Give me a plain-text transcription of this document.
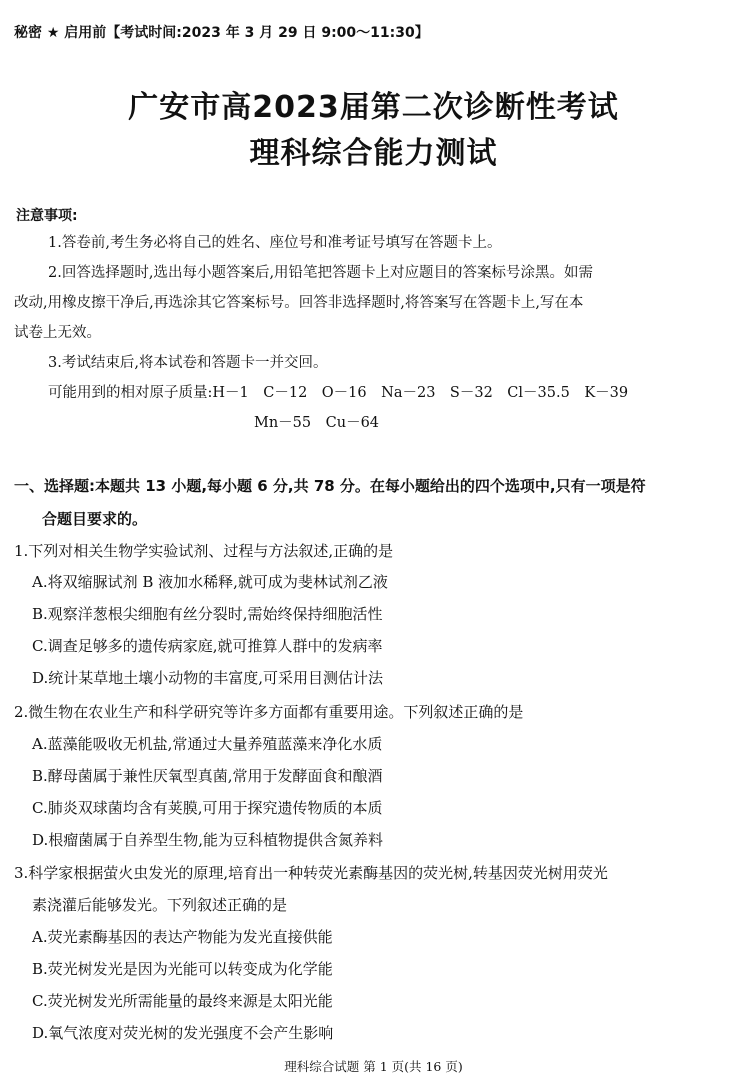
秘密 ★ 启用前【考试时间:2023 年 3 月 29 日 9:00～11:30】
广安市高2023届第二次诊断性考试
理科综合能力测试
注意事项:
1.答卷前,考生务必将自己的姓名、座位号和准考证号填写在答题卡上。
2.回答选择题时,选出每小题答案后,用铅笔把答题卡上对应题目的答案标号涂黑。如需
改动,用橡皮擦干净后,再选涂其它答案标号。回答非选择题时,将答案写在答题卡上,写在本
试卷上无效。
3.考试结束后,将本试卷和答题卡一并交回。
可能用到的相对原子质量:H－1　C－12　O－16　Na－23　S－32　Cl－35.5　K－39
Mn－55　Cu－64
一、选择题:本题共 13 小题,每小题 6 分,共 78 分。在每小题给出的四个选项中,只有一项是符
合题目要求的。
1.下列对相关生物学实验试剂、过程与方法叙述,正确的是
A.将双缩脲试剂 B 液加水稀释,就可成为斐林试剂乙液
B.观察洋葱根尖细胞有丝分裂时,需始终保持细胞活性
C.调查足够多的遗传病家庭,就可推算人群中的发病率
D.统计某草地土壤小动物的丰富度,可采用目测估计法
2.微生物在农业生产和科学研究等许多方面都有重要用途。下列叙述正确的是
A.蓝藻能吸收无机盐,常通过大量养殖蓝藻来净化水质
B.酵母菌属于兼性厌氧型真菌,常用于发酵面食和酿酒
C.肺炎双球菌均含有荚膜,可用于探究遗传物质的本质
D.根瘤菌属于自养型生物,能为豆科植物提供含氮养料
3.科学家根据萤火虫发光的原理,培育出一种转荧光素酶基因的荧光树,转基因荧光树用荧光
素浇灌后能够发光。下列叙述正确的是
A.荧光素酶基因的表达产物能为发光直接供能
B.荧光树发光是因为光能可以转变成为化学能
C.荧光树发光所需能量的最终来源是太阳光能
D.氧气浓度对荧光树的发光强度不会产生影响
理科综合试题 第 1 页(共 16 页)
